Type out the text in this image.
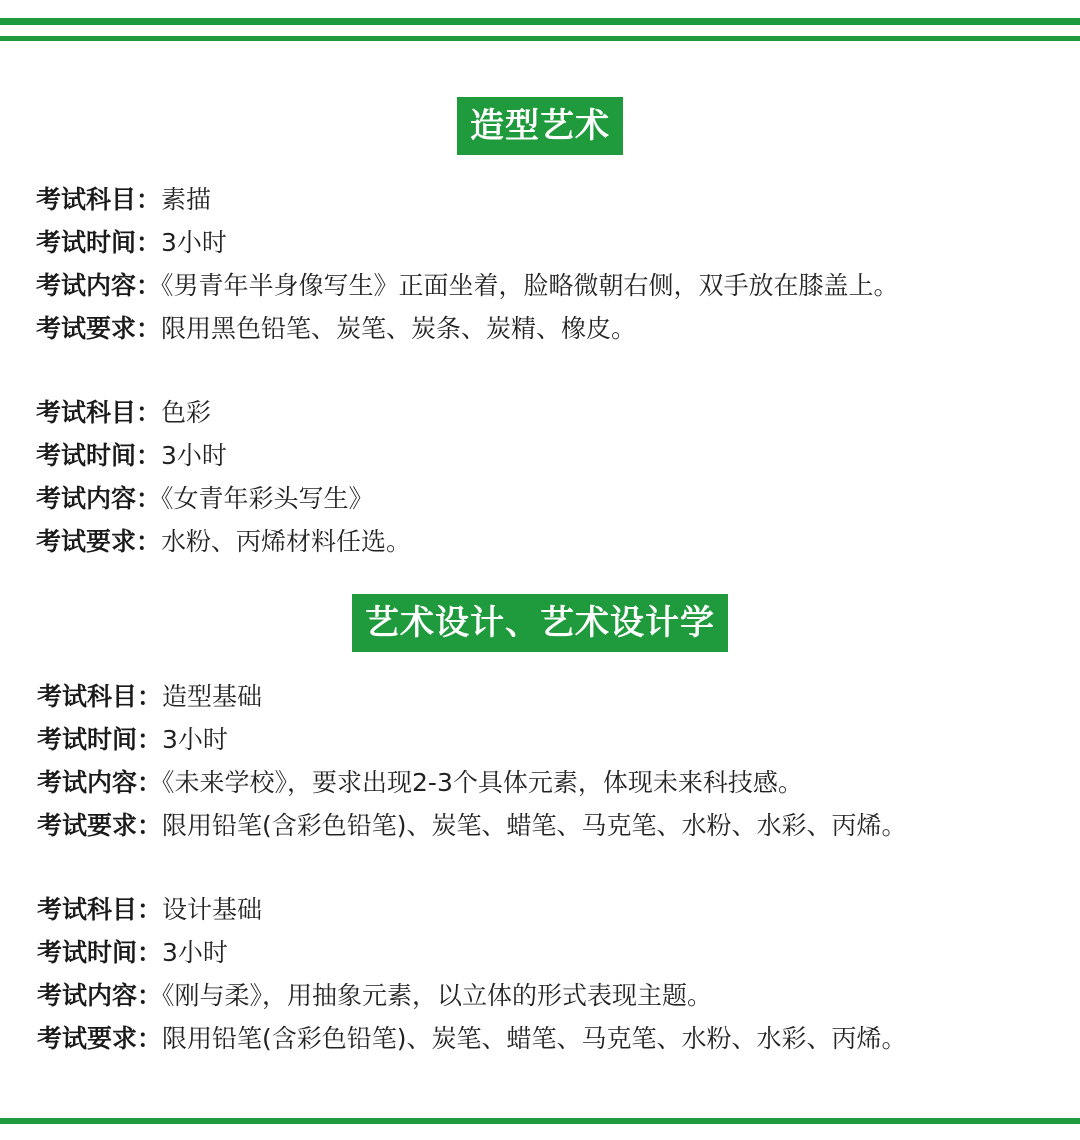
造型艺术
考试科目：素描
考试时间：3小时
考试内容：《男青年半身像写生》正面坐着，脸略微朝右侧，双手放在膝盖上。
考试要求：限用黑色铅笔、炭笔、炭条、炭精、橡皮。
考试科目：色彩
考试时间：3小时
考试内容：《女青年彩头写生》
考试要求：水粉、丙烯材料任选。
艺术设计、艺术设计学
考试科目：造型基础
考试时间：3小时
考试内容：《未来学校》，要求出现2-3个具体元素，体现未来科技感。
考试要求：限用铅笔(含彩色铅笔)、炭笔、蜡笔、马克笔、水粉、水彩、丙烯。
考试科目：设计基础
考试时间：3小时
考试内容：《刚与柔》，用抽象元素，以立体的形式表现主题。
考试要求：限用铅笔(含彩色铅笔)、炭笔、蜡笔、马克笔、水粉、水彩、丙烯。
